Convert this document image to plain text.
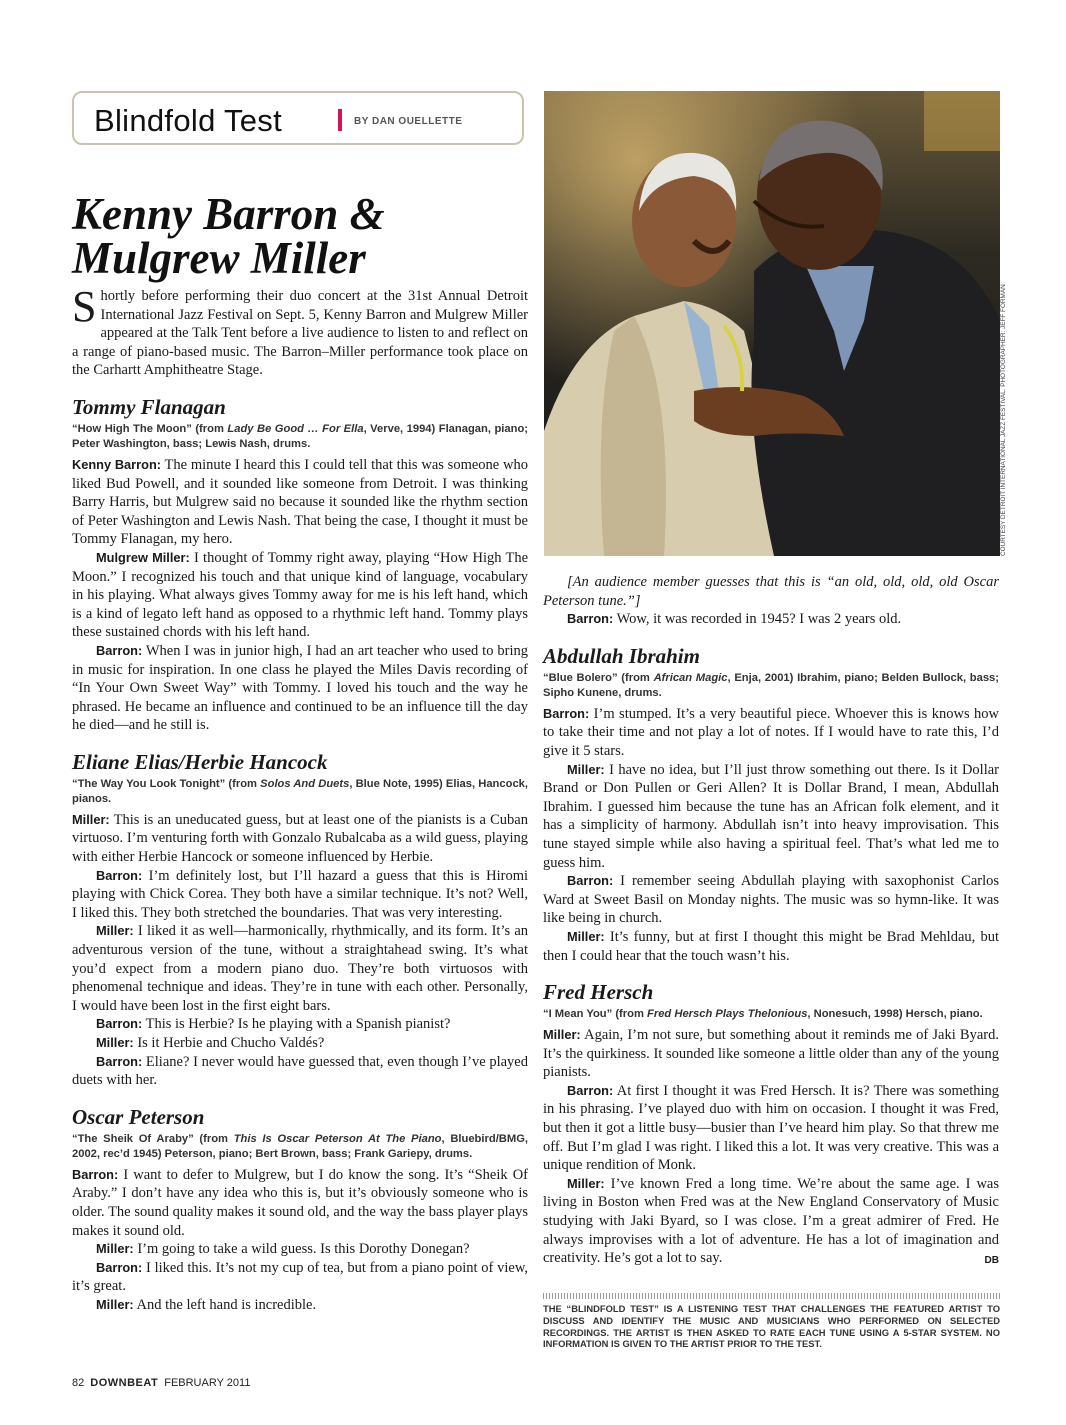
Blindfold Test	BY DAN OUELLETTE
Kenny Barron & Mulgrew Miller
COURTESY DETROIT INTERNATIONAL JAZZ FESTIVAL. PHOTOGRAPHER: JEFF FORMAN

Shortly before performing their duo concert at the 31st Annual Detroit International Jazz Festival on Sept. 5, Kenny Barron and Mulgrew Miller appeared at the Talk Tent before a live audience to listen to and reflect on a range of piano-based music. The Barron–Miller performance took place on the Carhartt Amphitheatre Stage.

Tommy Flanagan
“How High The Moon” (from Lady Be Good … For Ella, Verve, 1994) Flanagan, piano; Peter Washington, bass; Lewis Nash, drums.

Kenny Barron: The minute I heard this I could tell that this was someone who liked Bud Powell, and it sounded like someone from Detroit. I was thinking Barry Harris, but Mulgrew said no because it sounded like the rhythm section of Peter Washington and Lewis Nash. That being the case, I thought it must be Tommy Flanagan, my hero.

Mulgrew Miller: I thought of Tommy right away, playing “How High The Moon.” I recognized his touch and that unique kind of language, vocabulary in his playing. What always gives Tommy away for me is his left hand, which is a kind of legato left hand as opposed to a rhythmic left hand. Tommy plays these sustained chords with his left hand.

Barron: When I was in junior high, I had an art teacher who used to bring in music for inspiration. In one class he played the Miles Davis recording of “In Your Own Sweet Way” with Tommy. I loved his touch and the way he phrased. He became an influence and continued to be an influence till the day he died—and he still is.

Eliane Elias/Herbie Hancock
“The Way You Look Tonight” (from Solos And Duets, Blue Note, 1995) Elias, Hancock, pianos.

Miller: This is an uneducated guess, but at least one of the pianists is a Cuban virtuoso. I’m venturing forth with Gonzalo Rubalcaba as a wild guess, playing with either Herbie Hancock or someone influenced by Herbie.

Barron: I’m definitely lost, but I’ll hazard a guess that this is Hiromi playing with Chick Corea. They both have a similar technique. It’s not? Well, I liked this. They both stretched the boundaries. That was very interesting.

Miller: I liked it as well—harmonically, rhythmically, and its form. It’s an adventurous version of the tune, without a straightahead swing. It’s what you’d expect from a modern piano duo. They’re both virtuosos with phenomenal technique and ideas. They’re in tune with each other. Personally, I would have been lost in the first eight bars.

Barron: This is Herbie? Is he playing with a Spanish pianist?

Miller: Is it Herbie and Chucho Valdés?

Barron: Eliane? I never would have guessed that, even though I’ve played duets with her.

Oscar Peterson
“The Sheik Of Araby” (from This Is Oscar Peterson At The Piano, Bluebird/BMG, 2002, rec’d 1945) Peterson, piano; Bert Brown, bass; Frank Gariepy, drums.

Barron: I want to defer to Mulgrew, but I do know the song. It’s “Sheik Of Araby.” I don’t have any idea who this is, but it’s obviously someone who is older. The sound quality makes it sound old, and the way the bass player plays makes it sound old.

Miller: I’m going to take a wild guess. Is this Dorothy Donegan?

Barron: I liked this. It’s not my cup of tea, but from a piano point of view, it’s great.

Miller: And the left hand is incredible.

[An audience member guesses that this is “an old, old, old, old Oscar Peterson tune.”]

Barron: Wow, it was recorded in 1945? I was 2 years old.

Abdullah Ibrahim
“Blue Bolero” (from African Magic, Enja, 2001) Ibrahim, piano; Belden Bullock, bass; Sipho Kunene, drums.

Barron: I’m stumped. It’s a very beautiful piece. Whoever this is knows how to take their time and not play a lot of notes. If I would have to rate this, I’d give it 5 stars.

Miller: I have no idea, but I’ll just throw something out there. Is it Dollar Brand or Don Pullen or Geri Allen? It is Dollar Brand, I mean, Abdullah Ibrahim. I guessed him because the tune has an African folk element, and it has a simplicity of harmony. Abdullah isn’t into heavy improvisation. This tune stayed simple while also having a spiritual feel. That’s what led me to guess him.

Barron: I remember seeing Abdullah playing with saxophonist Carlos Ward at Sweet Basil on Monday nights. The music was so hymn-like. It was like being in church.

Miller: It’s funny, but at first I thought this might be Brad Mehldau, but then I could hear that the touch wasn’t his.

Fred Hersch
“I Mean You” (from Fred Hersch Plays Thelonious, Nonesuch, 1998) Hersch, piano.

Miller: Again, I’m not sure, but something about it reminds me of Jaki Byard. It’s the quirkiness. It sounded like someone a little older than any of the young pianists.

Barron: At first I thought it was Fred Hersch. It is? There was something in his phrasing. I’ve played duo with him on occasion. I thought it was Fred, but then it got a little busy—busier than I’ve heard him play. So that threw me off. But I’m glad I was right. I liked this a lot. It was very creative. This was a unique rendition of Monk.

Miller: I’ve known Fred a long time. We’re about the same age. I was living in Boston when Fred was at the New England Conservatory of Music studying with Jaki Byard, so I was close. I’m a great admirer of Fred. He always improvises with a lot of adventure. He has a lot of imagination and creativity. He’s got a lot to say.	DB

THE “BLINDFOLD TEST” IS A LISTENING TEST THAT CHALLENGES THE FEATURED ARTIST TO DISCUSS AND IDENTIFY THE MUSIC AND MUSICIANS WHO PERFORMED ON SELECTED RECORDINGS. THE ARTIST IS THEN ASKED TO RATE EACH TUNE USING A 5-STAR SYSTEM. NO INFORMATION IS GIVEN TO THE ARTIST PRIOR TO THE TEST.
82 DOWNBEAT FEBRUARY 2011
